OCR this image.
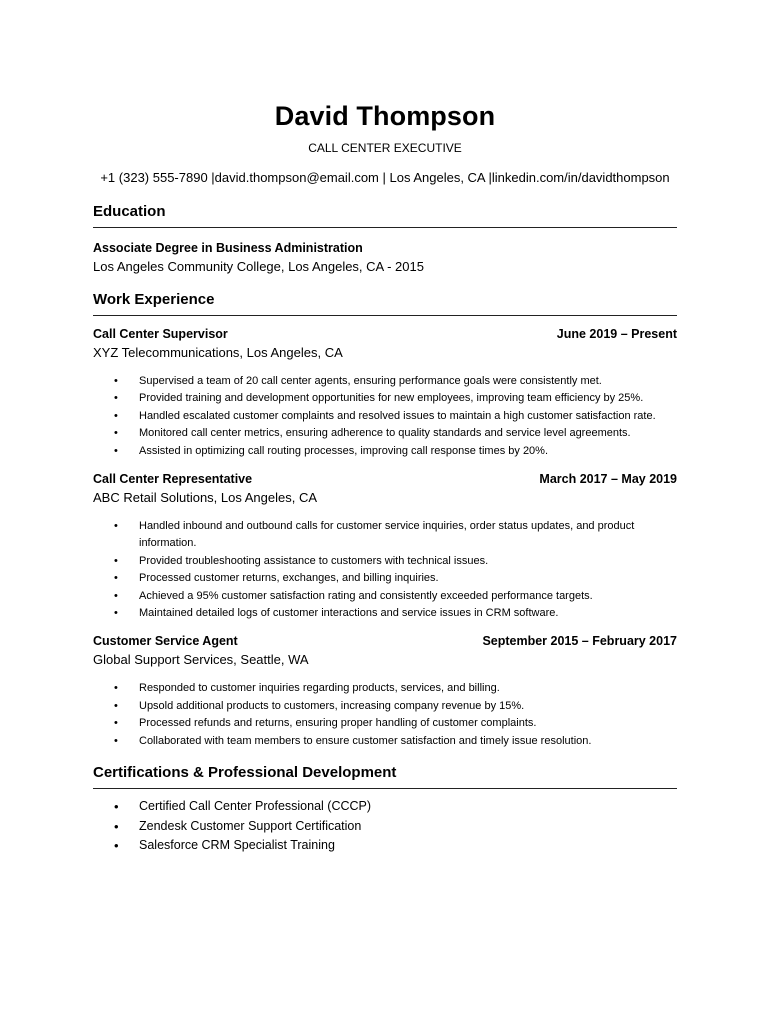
David Thompson
CALL CENTER EXECUTIVE
+1 (323) 555-7890 |david.thompson@email.com | Los Angeles, CA |linkedin.com/in/davidthompson
Education
Associate Degree in Business Administration
Los Angeles Community College, Los Angeles, CA - 2015
Work Experience
Call Center Supervisor	June 2019 – Present
XYZ Telecommunications, Los Angeles, CA
• Supervised a team of 20 call center agents, ensuring performance goals were consistently met.
• Provided training and development opportunities for new employees, improving team efficiency by 25%.
• Handled escalated customer complaints and resolved issues to maintain a high customer satisfaction rate.
• Monitored call center metrics, ensuring adherence to quality standards and service level agreements.
• Assisted in optimizing call routing processes, improving call response times by 20%.
Call Center Representative	March 2017 – May 2019
ABC Retail Solutions, Los Angeles, CA
• Handled inbound and outbound calls for customer service inquiries, order status updates, and product information.
• Provided troubleshooting assistance to customers with technical issues.
• Processed customer returns, exchanges, and billing inquiries.
• Achieved a 95% customer satisfaction rating and consistently exceeded performance targets.
• Maintained detailed logs of customer interactions and service issues in CRM software.
Customer Service Agent	September 2015 – February 2017
Global Support Services, Seattle, WA
• Responded to customer inquiries regarding products, services, and billing.
• Upsold additional products to customers, increasing company revenue by 15%.
• Processed refunds and returns, ensuring proper handling of customer complaints.
• Collaborated with team members to ensure customer satisfaction and timely issue resolution.
Certifications & Professional Development
• Certified Call Center Professional (CCCP)
• Zendesk Customer Support Certification
• Salesforce CRM Specialist Training
